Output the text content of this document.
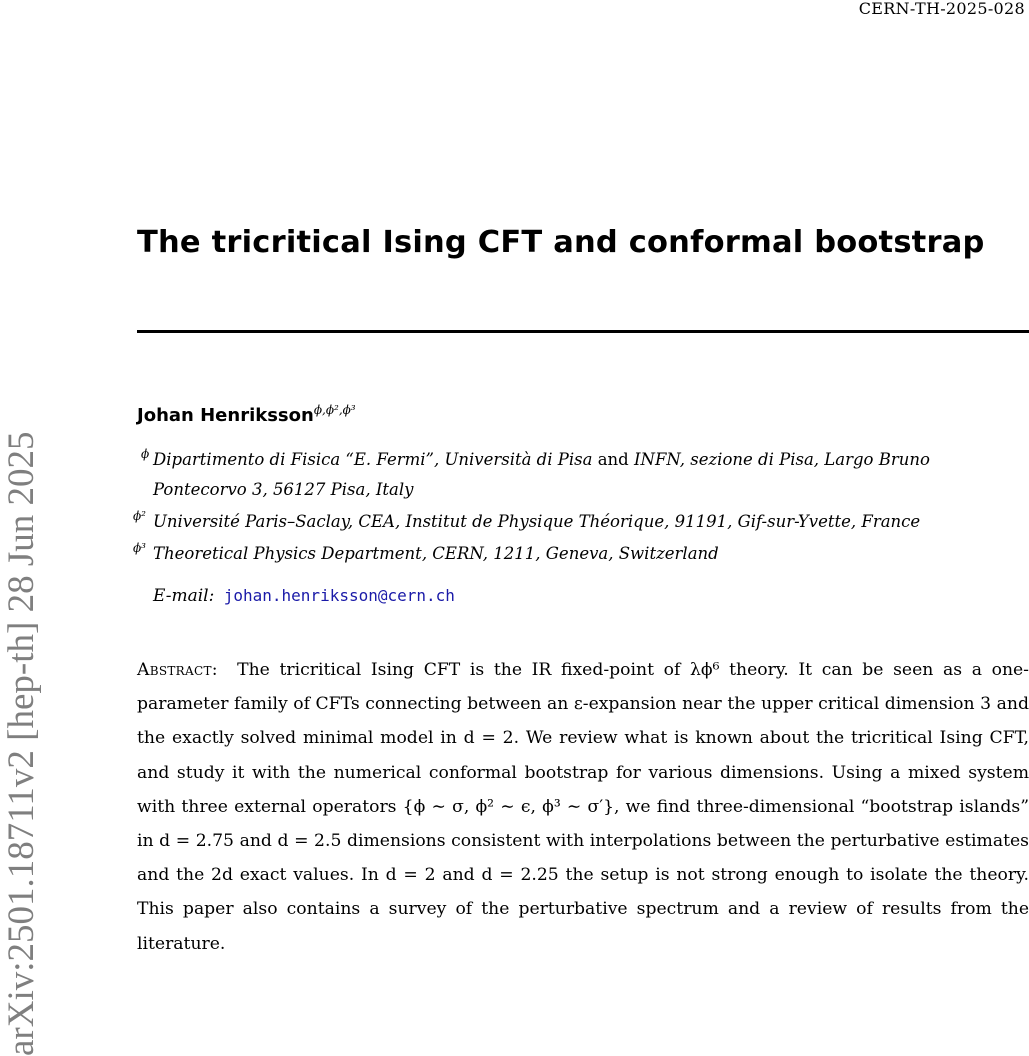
CERN-TH-2025-028
arXiv:2501.18711v2 [hep-th] 28 Jun 2025
The tricritical Ising CFT and conformal bootstrap
Johan Henriksson$^{\phi,\phi^2,\phi^3}$
ϕ Dipartimento di Fisica “E. Fermi”, Università di Pisa and INFN, sezione di Pisa, Largo Bruno
Pontecorvo 3, 56127 Pisa, Italy
ϕ² Université Paris–Saclay, CEA, Institut de Physique Théorique, 91191, Gif-sur-Yvette, France
ϕ³ Theoretical Physics Department, CERN, 1211, Geneva, Switzerland
E-mail: johan.henriksson@cern.ch

Abstract: The tricritical Ising CFT is the IR fixed-point of λϕ⁶ theory. It can be seen as a one-parameter family of CFTs connecting between an ε-expansion near the upper critical dimension 3 and the exactly solved minimal model in d = 2. We review what is known about the tricritical Ising CFT, and study it with the numerical conformal bootstrap for various dimensions. Using a mixed system with three external operators {ϕ ∼ σ, ϕ² ∼ ϵ, ϕ³ ∼ σ′}, we find three-dimensional “bootstrap islands” in d = 2.75 and d = 2.5 dimensions consistent with interpolations between the perturbative estimates and the 2d exact values. In d = 2 and d = 2.25 the setup is not strong enough to isolate the theory. This paper also contains a survey of the perturbative spectrum and a review of results from the literature.
